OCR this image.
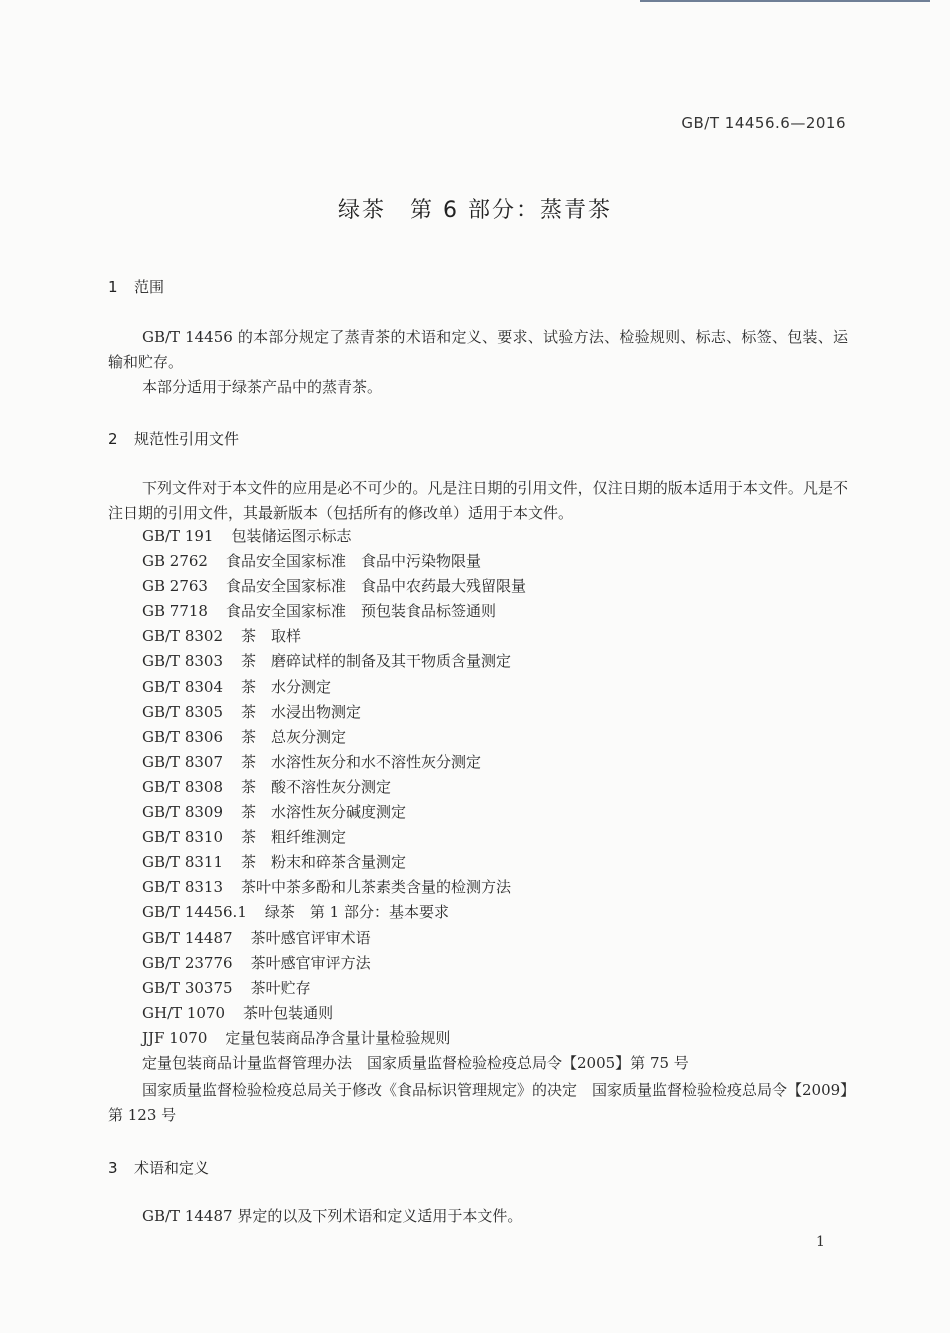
GB/T 14456.6—2016
绿茶　第 6 部分：蒸青茶
1 范围

GB/T 14456 的本部分规定了蒸青茶的术语和定义、要求、试验方法、检验规则、标志、标签、包装、运输和贮存。

本部分适用于绿茶产品中的蒸青茶。

2 规范性引用文件

下列文件对于本文件的应用是必不可少的。凡是注日期的引用文件，仅注日期的版本适用于本文件。凡是不注日期的引用文件，其最新版本（包括所有的修改单）适用于本文件。

GB/T 191 包装储运图示标志
GB 2762 食品安全国家标准　食品中污染物限量
GB 2763 食品安全国家标准　食品中农药最大残留限量
GB 7718 食品安全国家标准　预包装食品标签通则
GB/T 8302 茶　取样
GB/T 8303 茶　磨碎试样的制备及其干物质含量测定
GB/T 8304 茶　水分测定
GB/T 8305 茶　水浸出物测定
GB/T 8306 茶　总灰分测定
GB/T 8307 茶　水溶性灰分和水不溶性灰分测定
GB/T 8308 茶　酸不溶性灰分测定
GB/T 8309 茶　水溶性灰分碱度测定
GB/T 8310 茶　粗纤维测定
GB/T 8311 茶　粉末和碎茶含量测定
GB/T 8313 茶叶中茶多酚和儿茶素类含量的检测方法
GB/T 14456.1 绿茶　第 1 部分：基本要求
GB/T 14487 茶叶感官评审术语
GB/T 23776 茶叶感官审评方法
GB/T 30375 茶叶贮存
GH/T 1070 茶叶包装通则
JJF 1070 定量包装商品净含量计量检验规则
定量包装商品计量监督管理办法　国家质量监督检验检疫总局令【2005】第 75 号

国家质量监督检验检疫总局关于修改《食品标识管理规定》的决定　国家质量监督检验检疫总局令【2009】第 123 号

3 术语和定义

GB/T 14487 界定的以及下列术语和定义适用于本文件。

1
